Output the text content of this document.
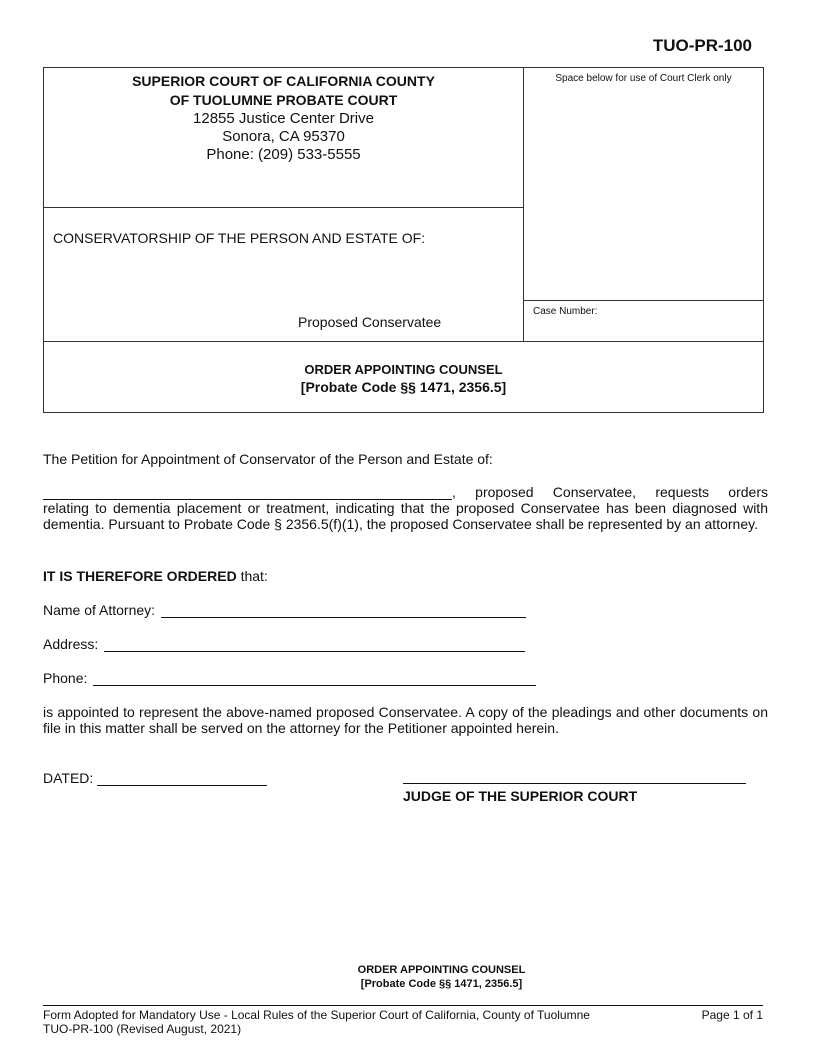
TUO-PR-100
SUPERIOR COURT OF CALIFORNIA COUNTY
OF TUOLUMNE PROBATE COURT
12855 Justice Center Drive
Sonora, CA 95370
Phone: (209) 533-5555
Space below for use of Court Clerk only
CONSERVATORSHIP OF THE PERSON AND ESTATE OF:
Proposed Conservatee
Case Number:
ORDER APPOINTING COUNSEL
[Probate Code §§ 1471, 2356.5]
The Petition for Appointment of Conservator of the Person and Estate of:
, proposed Conservatee, requests orders
relating to dementia placement or treatment, indicating that the proposed Conservatee has been diagnosed with dementia. Pursuant to Probate Code § 2356.5(f)(1), the proposed Conservatee shall be represented by an attorney.
IT IS THEREFORE ORDERED that:
Name of Attorney:
Address:
Phone:
is appointed to represent the above-named proposed Conservatee. A copy of the pleadings and other documents on file in this matter shall be served on the attorney for the Petitioner appointed herein.
DATED:
JUDGE OF THE SUPERIOR COURT
ORDER APPOINTING COUNSEL
[Probate Code §§ 1471, 2356.5]
Form Adopted for Mandatory Use - Local Rules of the Superior Court of California, County of Tuolumne
TUO-PR-100 (Revised August, 2021)
Page 1 of 1
